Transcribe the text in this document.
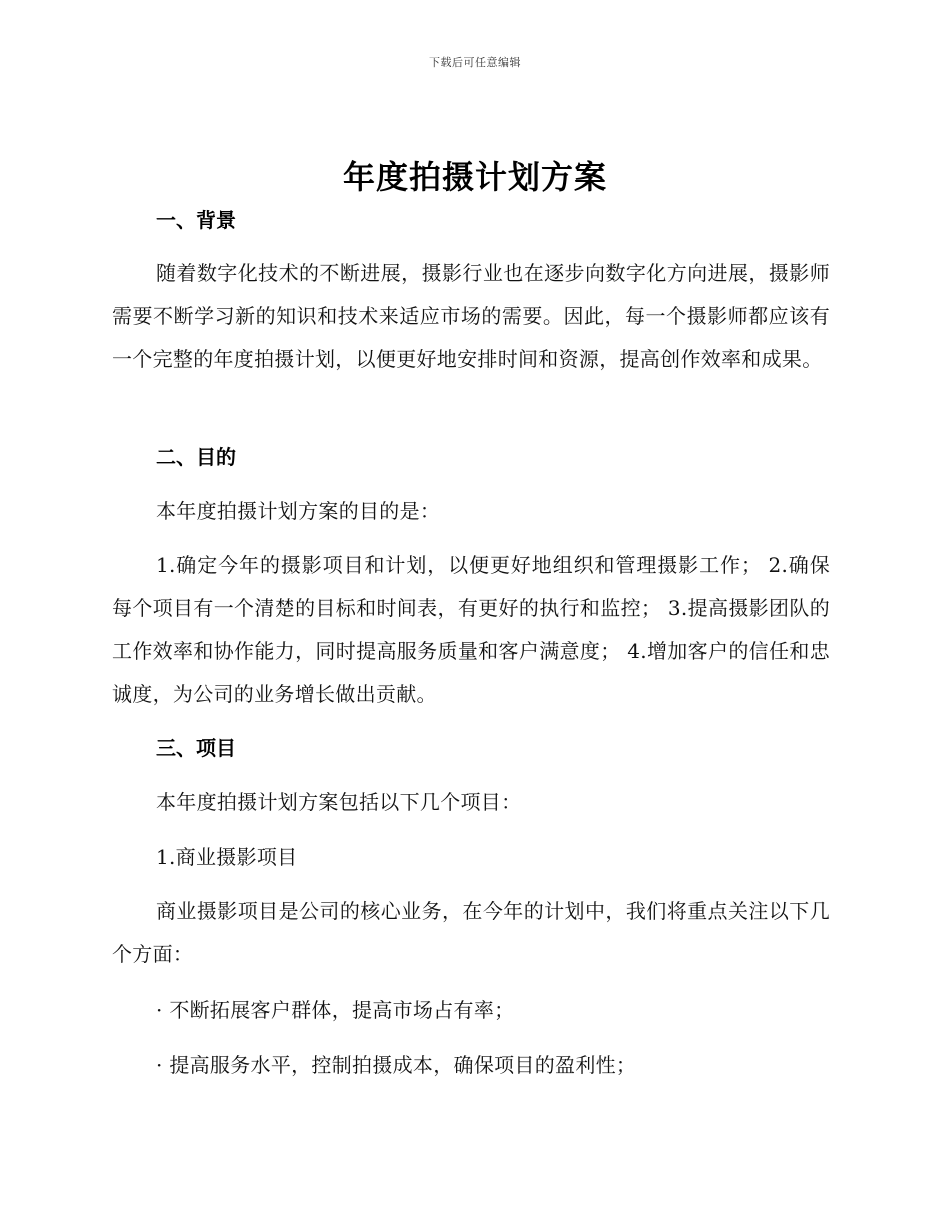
下载后可任意编辑
年度拍摄计划方案
一、背景

随着数字化技术的不断进展，摄影行业也在逐步向数字化方向进展，摄影师需要不断学习新的知识和技术来适应市场的需要。因此，每一个摄影师都应该有一个完整的年度拍摄计划，以便更好地安排时间和资源，提高创作效率和成果。

二、目的
本年度拍摄计划方案的目的是：

1.确定今年的摄影项目和计划，以便更好地组织和管理摄影工作； 2.确保每个项目有一个清楚的目标和时间表，有更好的执行和监控； 3.提高摄影团队的工作效率和协作能力，同时提高服务质量和客户满意度； 4.增加客户的信任和忠诚度，为公司的业务增长做出贡献。

三、项目
本年度拍摄计划方案包括以下几个项目：
1.商业摄影项目

商业摄影项目是公司的核心业务，在今年的计划中，我们将重点关注以下几个方面：

· 不断拓展客户群体，提高市场占有率；
· 提高服务水平，控制拍摄成本，确保项目的盈利性；
